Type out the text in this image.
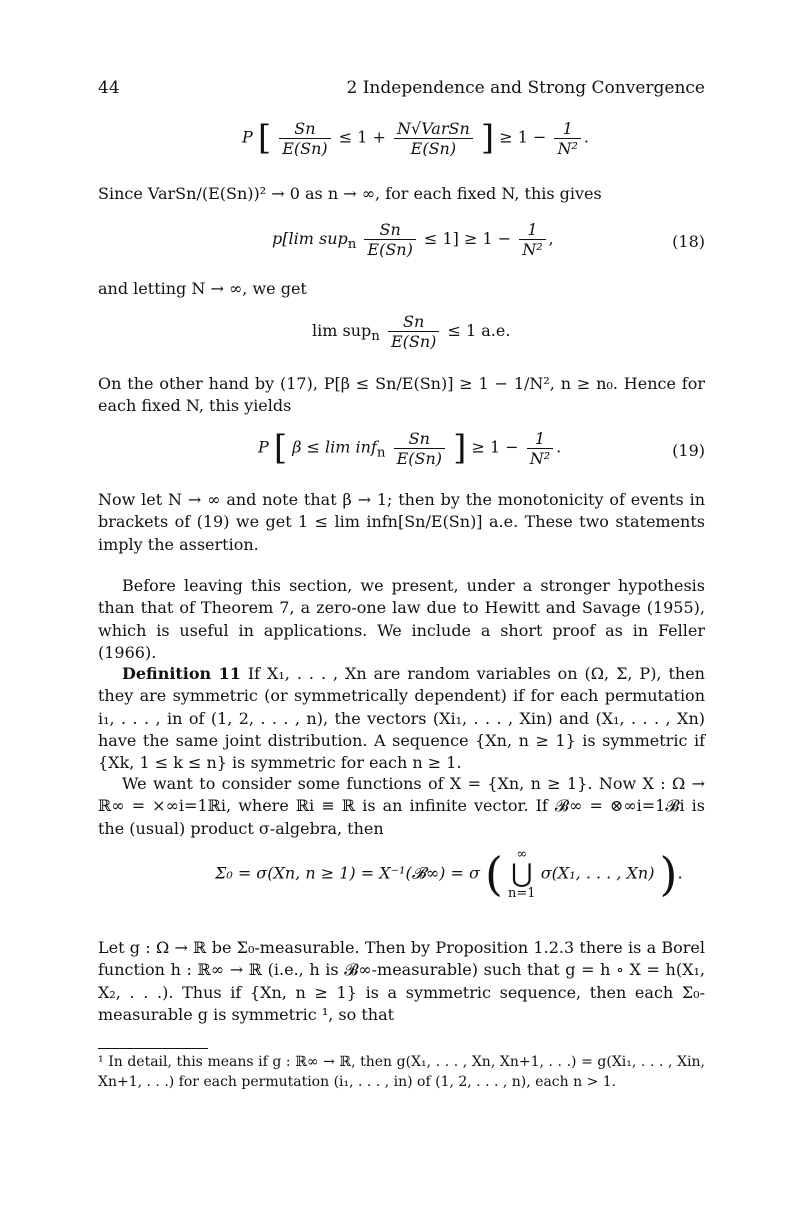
44	2 Independence and Strong Convergence
P [ $\frac{Sn}{E(Sn)} \le 1 + \frac{\text{N√VarSn}}{E(Sn)}$ ] ≥ $1 - \frac{1}{\text{N²}}$ .
Since VarSn/(E(Sn))² → 0 as n → ∞, for each fixed N, this gives
p[lim $sup_n \frac{Sn}{E(Sn)} \le 1] \ge 1 - \frac{1}{\text{N²}}$ ,	(18)
and letting N → ∞, we get
$\lim sup_n \frac{Sn}{E(Sn)} \le 1$ a.e.
On the other hand by (17), P[β ≤ Sn/E(Sn)] ≥ 1 − 1/N², n ≥ n₀. Hence for each fixed N, this yields
P [ $\beta \le \lim inf_n \frac{Sn}{E(Sn)}$ ] ≥ $1 - \frac{1}{\text{N²}}$ .	(19)
Now let N → ∞ and note that β → 1; then by the monotonicity of events in brackets of (19) we get 1 ≤ lim infn[Sn/E(Sn)] a.e. These two statements imply the assertion.
Before leaving this section, we present, under a stronger hypothesis than that of Theorem 7, a zero-one law due to Hewitt and Savage (1955), which is useful in applications. We include a short proof as in Feller (1966).
Definition 11 If X₁, . . . , Xn are random variables on (Ω, Σ, P), then they are symmetric (or symmetrically dependent) if for each permutation i₁, . . . , in of (1, 2, . . . , n), the vectors (Xi₁, . . . , Xin) and (X₁, . . . , Xn) have the same joint distribution. A sequence {Xn, n ≥ 1} is symmetric if {Xk, 1 ≤ k ≤ n} is symmetric for each n ≥ 1.
We want to consider some functions of X = {Xn, n ≥ 1}. Now X : Ω → ℝ∞ = ×∞i=1ℝi, where ℝi ≡ ℝ is an infinite vector. If 𝓑∞ = ⊗∞i=1𝓑i is the (usual) product σ-algebra, then
Σ₀ = σ(Xn, n ≥ 1) = X⁻¹(𝓑∞) = σ (	∞
⋃
n=1
σ(X₁, . . . , Xn) ).
Let g : Ω → ℝ be Σ₀-measurable. Then by Proposition 1.2.3 there is a Borel function h : ℝ∞ → ℝ (i.e., h is 𝓑∞-measurable) such that g = h ∘ X = h(X₁, X₂, . . .). Thus if {Xn, n ≥ 1} is a symmetric sequence, then each Σ₀-measurable g is symmetric ¹, so that
¹ In detail, this means if g : ℝ∞ → ℝ, then g(X₁, . . . , Xn, Xn+1, . . .) = g(Xi₁, . . . , Xin, Xn+1, . . .) for each permutation (i₁, . . . , in) of (1, 2, . . . , n), each n > 1.
